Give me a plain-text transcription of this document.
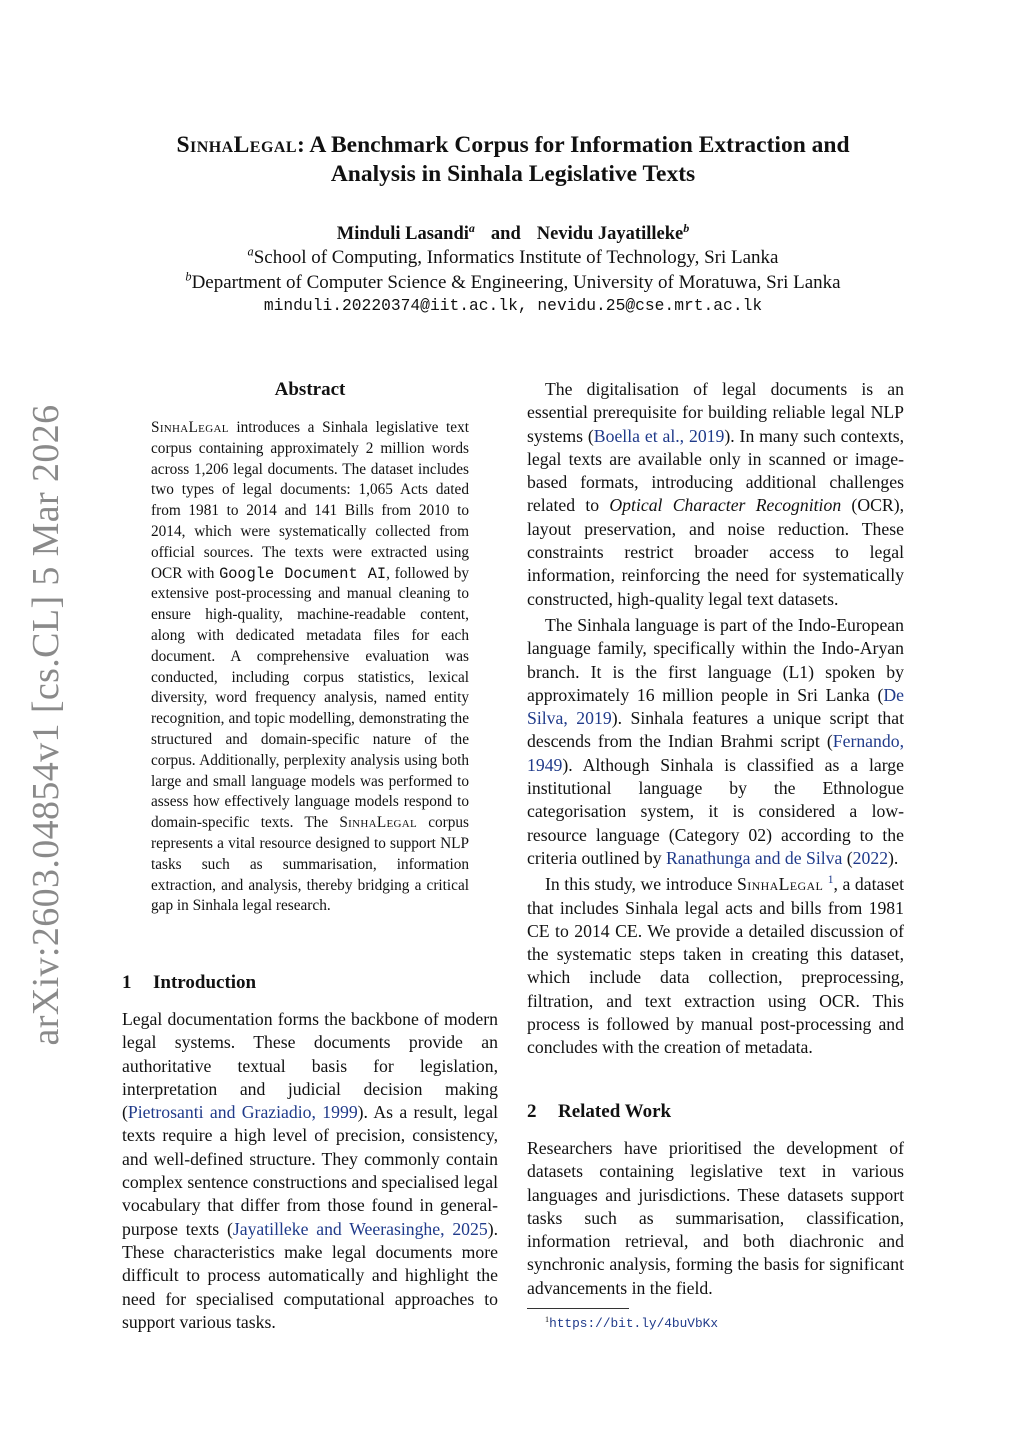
arXiv:2603.04854v1 [cs.CL] 5 Mar 2026
SinhaLegal: A Benchmark Corpus for Information Extraction and
Analysis in Sinhala Legislative Texts
Minduli Lasandi$^a$ and Nevidu Jayatilleke$^b$
$^a$School of Computing, Informatics Institute of Technology, Sri Lanka
$^b$Department of Computer Science & Engineering, University of Moratuwa, Sri Lanka
minduli.20220374@iit.ac.lk, nevidu.25@cse.mrt.ac.lk
Abstract
SinhaLegal introduces a Sinhala legislative text corpus containing approximately 2 million words across 1,206 legal documents. The dataset includes two types of legal documents: 1,065 Acts dated from 1981 to 2014 and 141 Bills from 2010 to 2014, which were systematically collected from official sources. The texts were extracted using OCR with Google Document AI, followed by extensive post-processing and manual cleaning to ensure high-quality, machine-readable content, along with dedicated metadata files for each document. A comprehensive evaluation was conducted, including corpus statistics, lexical diversity, word frequency analysis, named entity recognition, and topic modelling, demonstrating the structured and domain-specific nature of the corpus. Additionally, perplexity analysis using both large and small language models was performed to assess how effectively language models respond to domain-specific texts. The SinhaLegal corpus represents a vital resource designed to support NLP tasks such as summarisation, information extraction, and analysis, thereby bridging a critical gap in Sinhala legal research.
1 Introduction

Legal documentation forms the backbone of modern legal systems. These documents provide an authoritative textual basis for legislation, interpretation and judicial decision making (Pietrosanti and Graziadio, 1999). As a result, legal texts require a high level of precision, consistency, and well-defined structure. They commonly contain complex sentence constructions and specialised legal vocabulary that differ from those found in general-purpose texts (Jayatilleke and Weerasinghe, 2025). These characteristics make legal documents more difficult to process automatically and highlight the need for specialised computational approaches to support various tasks.

The digitalisation of legal documents is an essential prerequisite for building reliable legal NLP systems (Boella et al., 2019). In many such contexts, legal texts are available only in scanned or image-based formats, introducing additional challenges related to Optical Character Recognition (OCR), layout preservation, and noise reduction. These constraints restrict broader access to legal information, reinforcing the need for systematically constructed, high-quality legal text datasets.

The Sinhala language is part of the Indo-European language family, specifically within the Indo-Aryan branch. It is the first language (L1) spoken by approximately 16 million people in Sri Lanka (De Silva, 2019). Sinhala features a unique script that descends from the Indian Brahmi script (Fernando, 1949). Although Sinhala is classified as a large institutional language by the Ethnologue categorisation system, it is considered a low-resource language (Category 02) according to the criteria outlined by Ranathunga and de Silva (2022).

In this study, we introduce SinhaLegal $^1$, a dataset that includes Sinhala legal acts and bills from 1981 CE to 2014 CE. We provide a detailed discussion of the systematic steps taken in creating this dataset, which include data collection, preprocessing, filtration, and text extraction using OCR. This process is followed by manual post-processing and concludes with the creation of metadata.

2 Related Work

Researchers have prioritised the development of datasets containing legislative text in various languages and jurisdictions. These datasets support tasks such as summarisation, classification, information retrieval, and both diachronic and synchronic analysis, forming the basis for significant advancements in the field.

$^1$https://bit.ly/4buVbKx
